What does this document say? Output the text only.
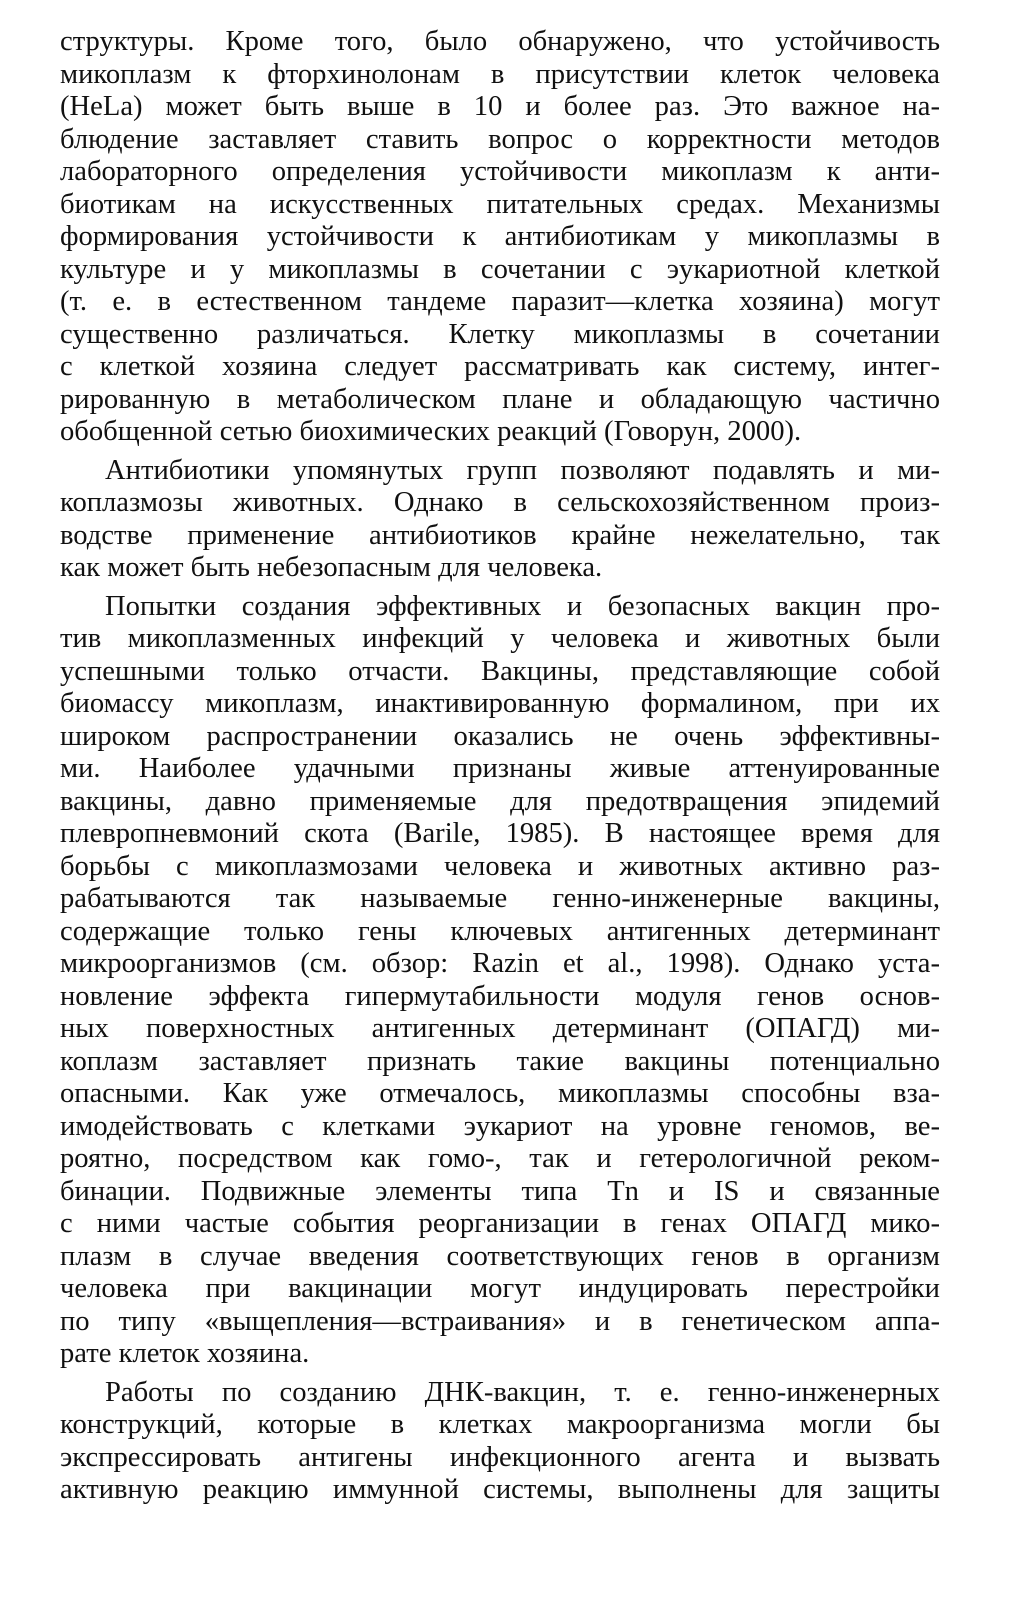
структуры. Кроме того, было обнаружено, что устойчивость
микоплазм к фторхинолонам в присутствии клеток человека
(HeLa) может быть выше в 10 и более раз. Это важное на-
блюдение заставляет ставить вопрос о корректности методов
лабораторного определения устойчивости микоплазм к анти-
биотикам на искусственных питательных средах. Механизмы
формирования устойчивости к антибиотикам у микоплазмы в
культуре и у микоплазмы в сочетании с эукариотной клеткой
(т. е. в естественном тандеме паразит—клетка хозяина) могут
существенно различаться. Клетку микоплазмы в сочетании
с клеткой хозяина следует рассматривать как систему, интег-
рированную в метаболическом плане и обладающую частично
обобщенной сетью биохимических реакций (Говорун, 2000).
Антибиотики упомянутых групп позволяют подавлять и ми-
коплазмозы животных. Однако в сельскохозяйственном произ-
водстве применение антибиотиков крайне нежелательно, так
как может быть небезопасным для человека.
Попытки создания эффективных и безопасных вакцин про-
тив микоплазменных инфекций у человека и животных были
успешными только отчасти. Вакцины, представляющие собой
биомассу микоплазм, инактивированную формалином, при их
широком распространении оказались не очень эффективны-
ми. Наиболее удачными признаны живые аттенуированные
вакцины, давно применяемые для предотвращения эпидемий
плевропневмоний скота (Barile, 1985). В настоящее время для
борьбы с микоплазмозами человека и животных активно раз-
рабатываются так называемые генно-инженерные вакцины,
содержащие только гены ключевых антигенных детерминант
микроорганизмов (см. обзор: Razin et al., 1998). Однако уста-
новление эффекта гипермутабильности модуля генов основ-
ных поверхностных антигенных детерминант (ОПАГД) ми-
коплазм заставляет признать такие вакцины потенциально
опасными. Как уже отмечалось, микоплазмы способны вза-
имодействовать с клетками эукариот на уровне геномов, ве-
роятно, посредством как гомо-, так и гетерологичной реком-
бинации. Подвижные элементы типа Tn и IS и связанные
с ними частые события реорганизации в генах ОПАГД мико-
плазм в случае введения соответствующих генов в организм
человека при вакцинации могут индуцировать перестройки
по типу «выщепления—встраивания» и в генетическом аппа-
рате клеток хозяина.
Работы по созданию ДНК-вакцин, т. е. генно-инженерных
конструкций, которые в клетках макроорганизма могли бы
экспрессировать антигены инфекционного агента и вызвать
активную реакцию иммунной системы, выполнены для защиты
